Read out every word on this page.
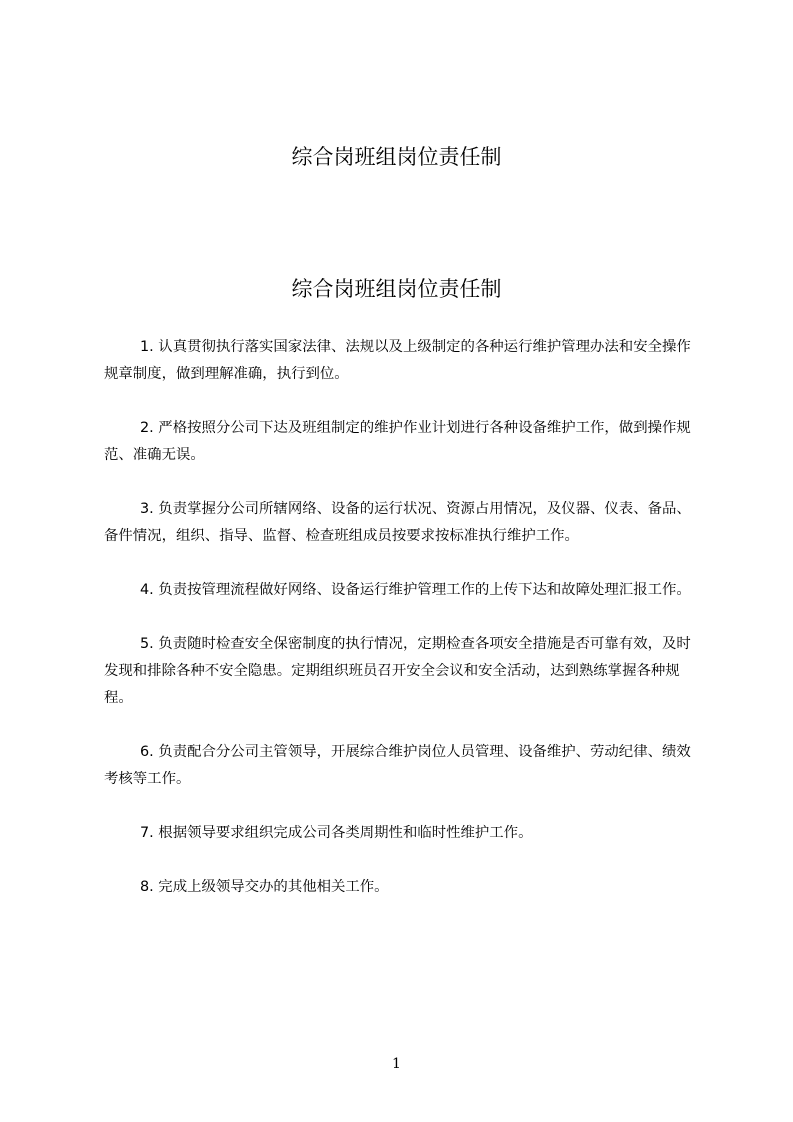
综合岗班组岗位责任制
综合岗班组岗位责任制

1. 认真贯彻执行落实国家法律、法规以及上级制定的各种运行维护管理办法和安全操作规章制度，做到理解准确，执行到位。

2. 严格按照分公司下达及班组制定的维护作业计划进行各种设备维护工作，做到操作规范、准确无误。

3. 负责掌握分公司所辖网络、设备的运行状况、资源占用情况，及仪器、仪表、备品、备件情况，组织、指导、监督、检查班组成员按要求按标准执行维护工作。

4. 负责按管理流程做好网络、设备运行维护管理工作的上传下达和故障处理汇报工作。

5. 负责随时检查安全保密制度的执行情况，定期检查各项安全措施是否可靠有效，及时发现和排除各种不安全隐患。定期组织班员召开安全会议和安全活动，达到熟练掌握各种规程。

6. 负责配合分公司主管领导，开展综合维护岗位人员管理、设备维护、劳动纪律、绩效考核等工作。

7. 根据领导要求组织完成公司各类周期性和临时性维护工作。

8. 完成上级领导交办的其他相关工作。

1
